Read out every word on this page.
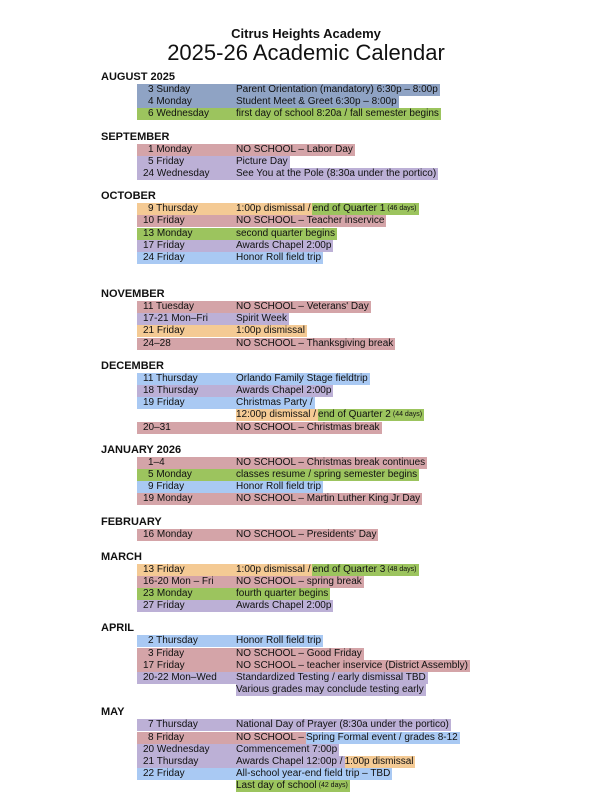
Citrus Heights Academy
2025-26 Academic Calendar
AUGUST 2025
3 Sunday	Parent Orientation (mandatory) 6:30p – 8:00p
4 Monday	Student Meet & Greet 6:30p – 8:00p
6 Wednesday	first day of school 8:20a / fall semester begins
SEPTEMBER
1 Monday	NO SCHOOL – Labor Day
5 Friday	Picture Day
24 Wednesday	See You at the Pole (8:30a under the portico)
OCTOBER
9 Thursday	1:00p dismissal / end of Quarter 1 (46 days)
10 Friday	NO SCHOOL – Teacher inservice
13 Monday	second quarter begins
17 Friday	Awards Chapel 2:00p
24 Friday	Honor Roll field trip
NOVEMBER
11 Tuesday	NO SCHOOL – Veterans' Day
17-21 Mon–Fri	Spirit Week
21 Friday	1:00p dismissal
24–28	NO SCHOOL – Thanksgiving break
DECEMBER
11 Thursday	Orlando Family Stage fieldtrip
18 Thursday	Awards Chapel 2:00p
19 Friday	Christmas Party /
12:00p dismissal / end of Quarter 2 (44 days)
20–31	NO SCHOOL – Christmas break
JANUARY 2026
1–4	NO SCHOOL – Christmas break continues
5 Monday	classes resume / spring semester begins
9 Friday	Honor Roll field trip
19 Monday	NO SCHOOL – Martin Luther King Jr Day
FEBRUARY
16 Monday	NO SCHOOL – Presidents' Day
MARCH
13 Friday	1:00p dismissal / end of Quarter 3 (48 days)
16-20 Mon – Fri	NO SCHOOL – spring break
23 Monday	fourth quarter begins
27 Friday	Awards Chapel 2:00p
APRIL
2 Thursday	Honor Roll field trip
3 Friday	NO SCHOOL – Good Friday
17 Friday	NO SCHOOL – teacher inservice (District Assembly)
20-22 Mon–Wed	Standardized Testing / early dismissal TBD
Various grades may conclude testing early
MAY
7 Thursday	National Day of Prayer (8:30a under the portico)
8 Friday	NO SCHOOL – Spring Formal event / grades 8-12
20 Wednesday	Commencement 7:00p
21 Thursday	Awards Chapel 12:00p / 1:00p dismissal
22 Friday	All-school year-end field trip – TBD
Last day of school (42 days)
